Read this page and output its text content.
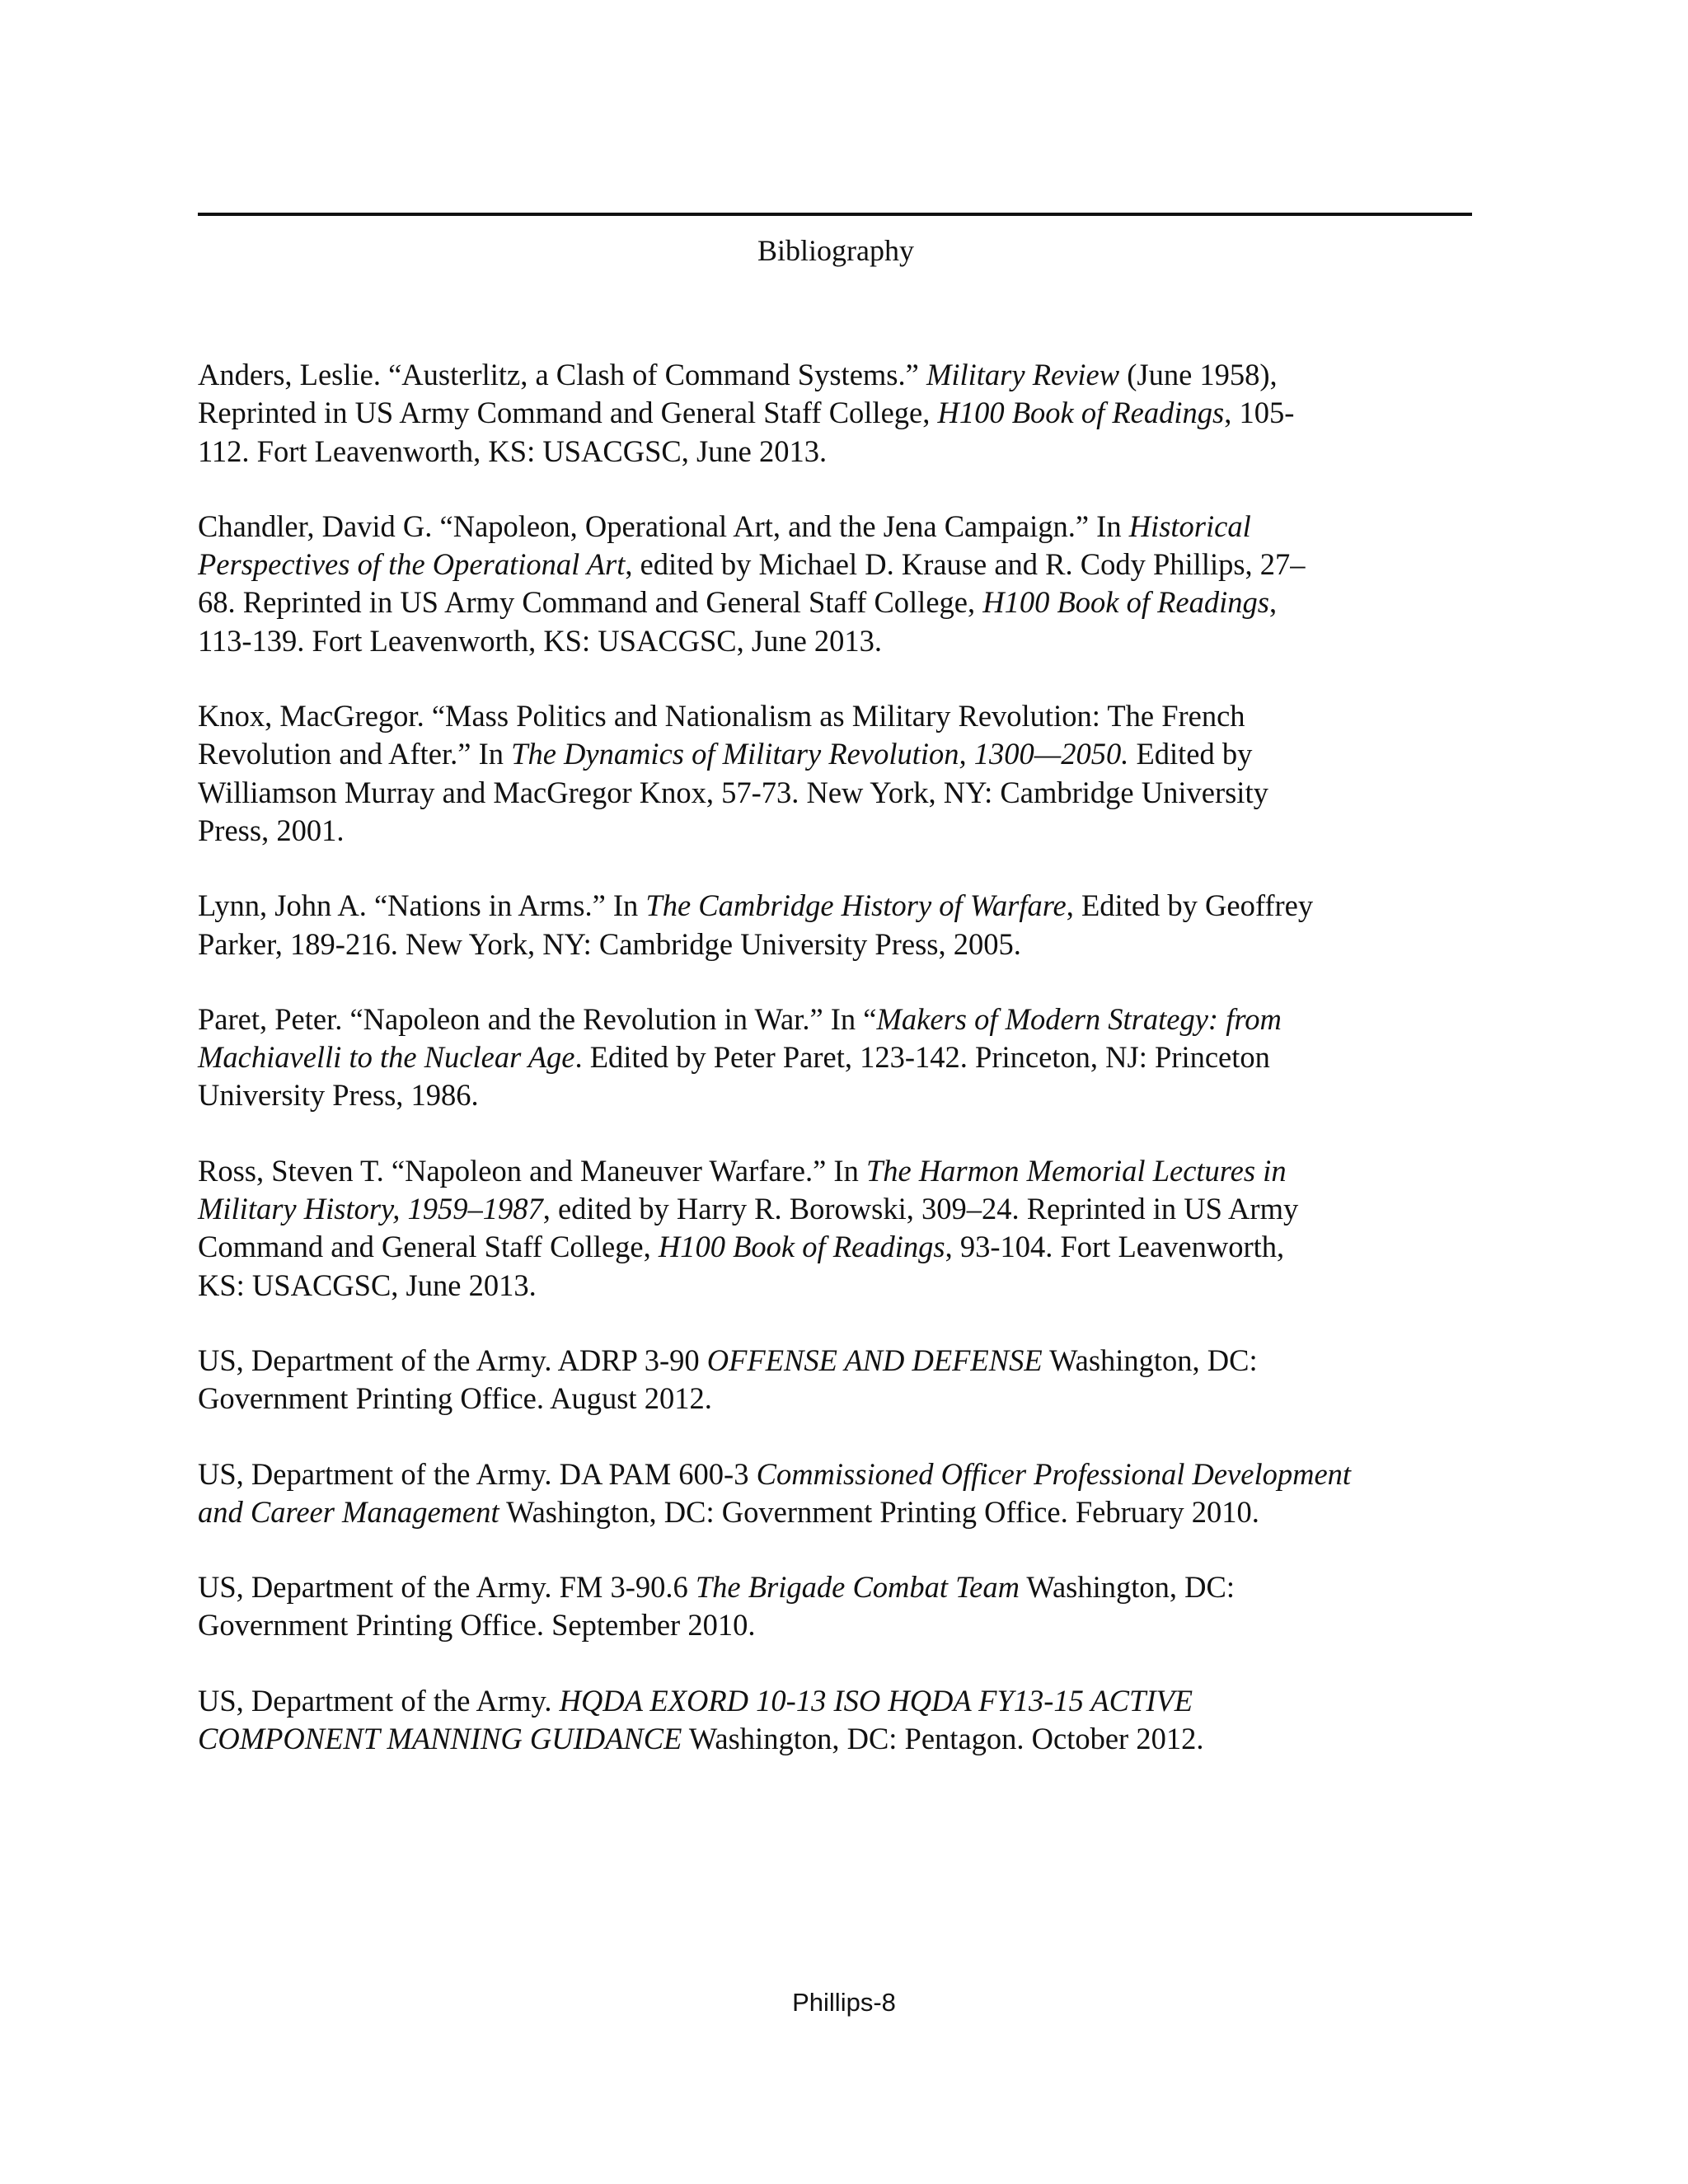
Bibliography
Anders, Leslie. “Austerlitz, a Clash of Command Systems.” Military Review (June 1958),
Reprinted in US Army Command and General Staff College, H100 Book of Readings, 105-
112. Fort Leavenworth, KS: USACGSC, June 2013.
Chandler, David G. “Napoleon, Operational Art, and the Jena Campaign.” In Historical
Perspectives of the Operational Art, edited by Michael D. Krause and R. Cody Phillips, 27–
68. Reprinted in US Army Command and General Staff College, H100 Book of Readings,
113-139. Fort Leavenworth, KS: USACGSC, June 2013.
Knox, MacGregor. “Mass Politics and Nationalism as Military Revolution: The French
Revolution and After.” In The Dynamics of Military Revolution, 1300—2050. Edited by
Williamson Murray and MacGregor Knox, 57-73. New York, NY: Cambridge University
Press, 2001.
Lynn, John A. “Nations in Arms.” In The Cambridge History of Warfare, Edited by Geoffrey
Parker, 189-216. New York, NY: Cambridge University Press, 2005.
Paret, Peter. “Napoleon and the Revolution in War.” In “Makers of Modern Strategy: from
Machiavelli to the Nuclear Age. Edited by Peter Paret, 123-142. Princeton, NJ: Princeton
University Press, 1986.
Ross, Steven T. “Napoleon and Maneuver Warfare.” In The Harmon Memorial Lectures in
Military History, 1959–1987, edited by Harry R. Borowski, 309–24. Reprinted in US Army
Command and General Staff College, H100 Book of Readings, 93-104. Fort Leavenworth,
KS: USACGSC, June 2013.
US, Department of the Army. ADRP 3-90 OFFENSE AND DEFENSE Washington, DC:
Government Printing Office. August 2012.
US, Department of the Army. DA PAM 600-3 Commissioned Officer Professional Development
and Career Management Washington, DC: Government Printing Office. February 2010.
US, Department of the Army. FM 3-90.6 The Brigade Combat Team Washington, DC:
Government Printing Office. September 2010.
US, Department of the Army. HQDA EXORD 10-13 ISO HQDA FY13-15 ACTIVE
COMPONENT MANNING GUIDANCE Washington, DC: Pentagon. October 2012.
Phillips-8
